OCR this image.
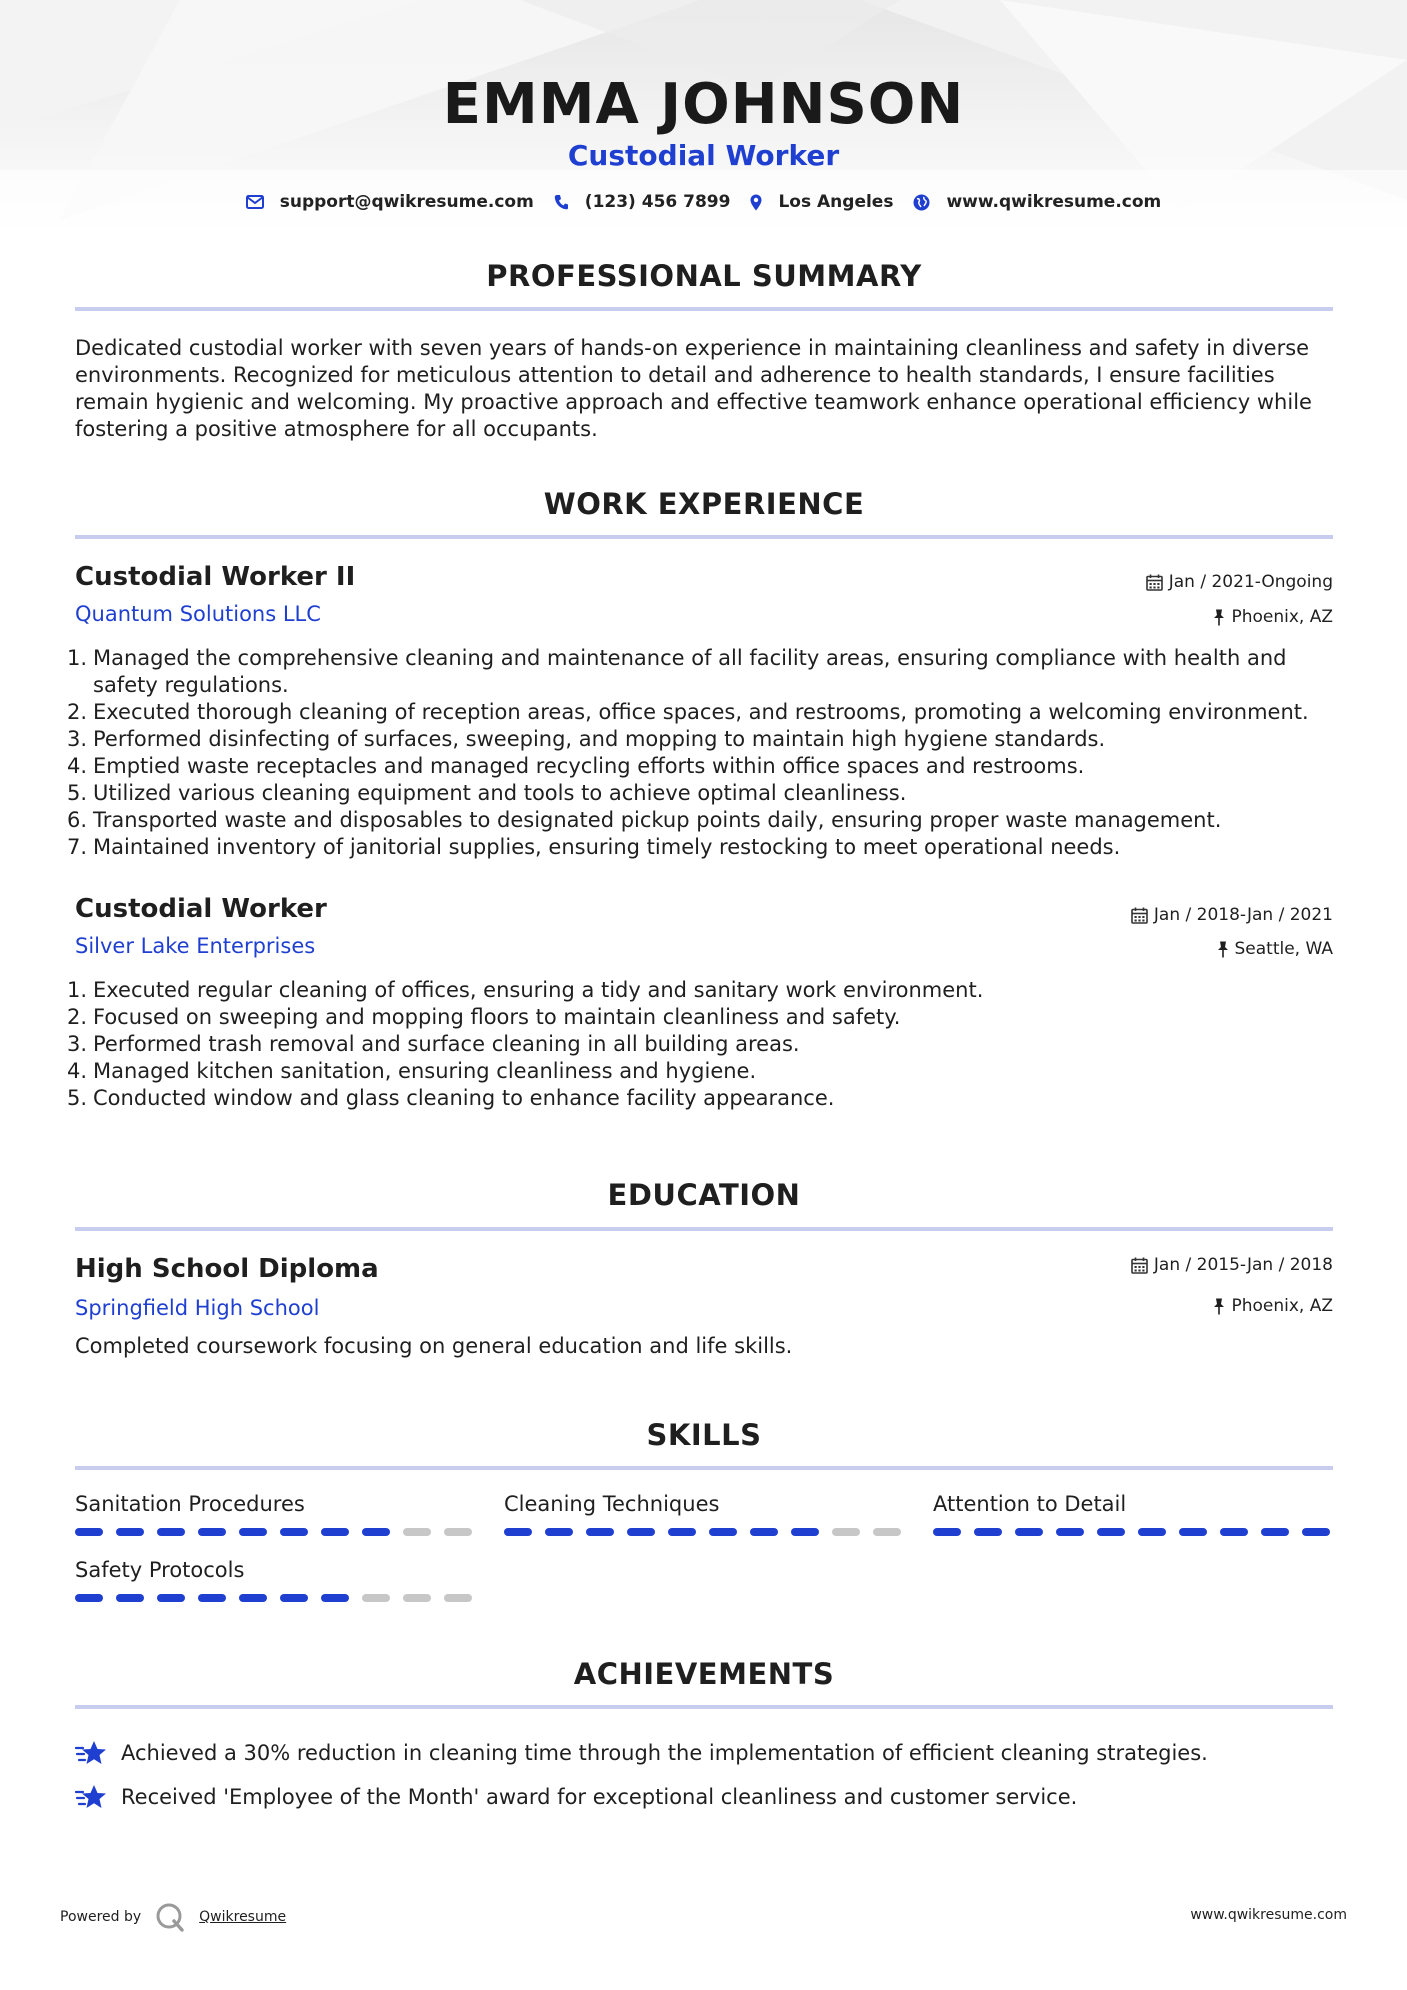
EMMA JOHNSON
Custodial Worker
support@qwikresume.com	(123) 456 7899	Los Angeles	www.qwikresume.com
PROFESSIONAL SUMMARY

Dedicated custodial worker with seven years of hands-on experience in maintaining cleanliness and safety in diverse environments. Recognized for meticulous attention to detail and adherence to health standards, I ensure facilities remain hygienic and welcoming. My proactive approach and effective teamwork enhance operational efficiency while fostering a positive atmosphere for all occupants.

WORK EXPERIENCE
Custodial Worker II	Jan / 2021-Ongoing
Quantum Solutions LLC	Phoenix, AZ
1. Managed the comprehensive cleaning and maintenance of all facility areas, ensuring compliance with health and safety regulations.
2. Executed thorough cleaning of reception areas, office spaces, and restrooms, promoting a welcoming environment.
3. Performed disinfecting of surfaces, sweeping, and mopping to maintain high hygiene standards.
4. Emptied waste receptacles and managed recycling efforts within office spaces and restrooms.
5. Utilized various cleaning equipment and tools to achieve optimal cleanliness.
6. Transported waste and disposables to designated pickup points daily, ensuring proper waste management.
7. Maintained inventory of janitorial supplies, ensuring timely restocking to meet operational needs.
Custodial Worker	Jan / 2018-Jan / 2021
Silver Lake Enterprises	Seattle, WA
1. Executed regular cleaning of offices, ensuring a tidy and sanitary work environment.
2. Focused on sweeping and mopping floors to maintain cleanliness and safety.
3. Performed trash removal and surface cleaning in all building areas.
4. Managed kitchen sanitation, ensuring cleanliness and hygiene.
5. Conducted window and glass cleaning to enhance facility appearance.
EDUCATION
High School Diploma	Jan / 2015-Jan / 2018
Springfield High School	Phoenix, AZ
Completed coursework focusing on general education and life skills.
SKILLS
Sanitation Procedures	Cleaning Techniques	Attention to Detail
Safety Protocols
ACHIEVEMENTS
Achieved a 30% reduction in cleaning time through the implementation of efficient cleaning strategies.
Received 'Employee of the Month' award for exceptional cleanliness and customer service.
Powered by	Qwikresume	www.qwikresume.com
